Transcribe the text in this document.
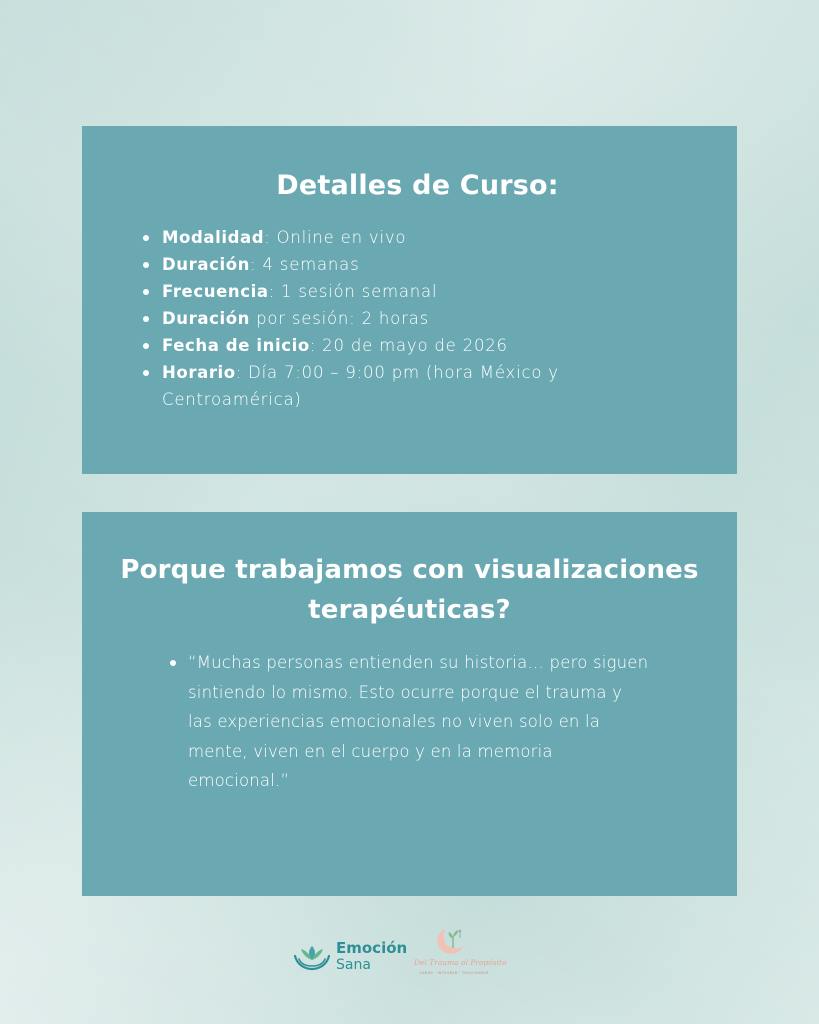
Detalles de Curso:
Modalidad: Online en vivo
Duración: 4 semanas
Frecuencia: 1 sesión semanal
Duración por sesión: 2 horas
Fecha de inicio: 20 de mayo de 2026
Horario: Día 7:00 – 9:00 pm (hora México y Centroamérica)
Porque trabajamos con visualizaciones terapéuticas?
“Muchas personas entienden su historia… pero siguen sintiendo lo mismo. Esto ocurre porque el trauma y las experiencias emocionales no viven solo en la mente, viven en el cuerpo y en la memoria emocional.”
Emoción
Sana	Del Trauma al Propósito
SANAR · INTEGRAR · TRASCENDER
